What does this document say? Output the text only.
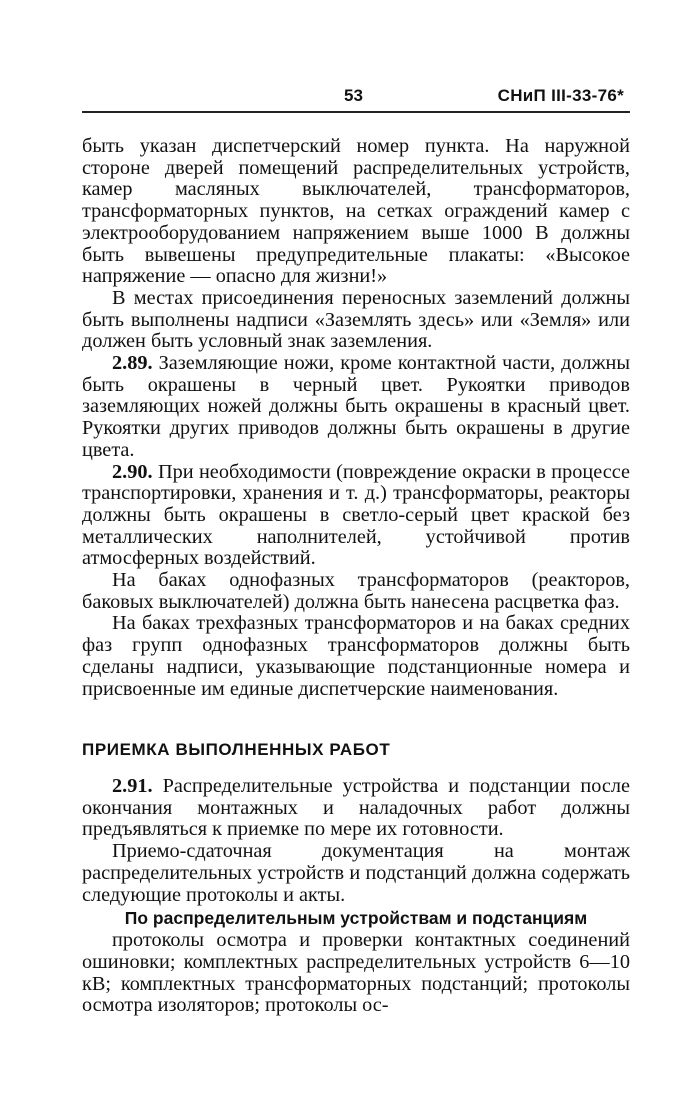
53	СНиП III-33-76*

быть указан диспетчерский номер пункта. На наружной стороне дверей помещений распределительных устройств, камер масляных выключателей, трансформаторов, трансформаторных пунктов, на сетках ограждений камер с электрооборудованием напряжением выше 1000 В должны быть вывешены предупредительные плакаты: «Высокое напряжение — опасно для жизни!»

В местах присоединения переносных заземлений должны быть выполнены надписи «Заземлять здесь» или «Земля» или должен быть условный знак заземления.

2.89. Заземляющие ножи, кроме контактной части, должны быть окрашены в черный цвет. Рукоятки приводов заземляющих ножей должны быть окрашены в красный цвет. Рукоятки других приводов должны быть окрашены в другие цвета.

2.90. При необходимости (повреждение окраски в процессе транспортировки, хранения и т. д.) трансформаторы, реакторы должны быть окрашены в светло-серый цвет краской без металлических наполнителей, устойчивой против атмосферных воздействий.

На баках однофазных трансформаторов (реакторов, баковых выключателей) должна быть нанесена расцветка фаз.

На баках трехфазных трансформаторов и на баках средних фаз групп однофазных трансформаторов должны быть сделаны надписи, указывающие подстанционные номера и присвоенные им единые диспетчерские наименования.

ПРИЕМКА ВЫПОЛНЕННЫХ РАБОТ

2.91. Распределительные устройства и подстанции после окончания монтажных и наладочных работ должны предъявляться к приемке по мере их готовности.

Приемо-сдаточная документация на монтаж распределительных устройств и подстанций должна содержать следующие протоколы и акты.

По распределительным устройствам и подстанциям

протоколы осмотра и проверки контактных соединений ошиновки; комплектных распределительных устройств 6—10 кВ; комплектных трансформаторных подстанций; протоколы осмотра изоляторов; протоколы ос-
